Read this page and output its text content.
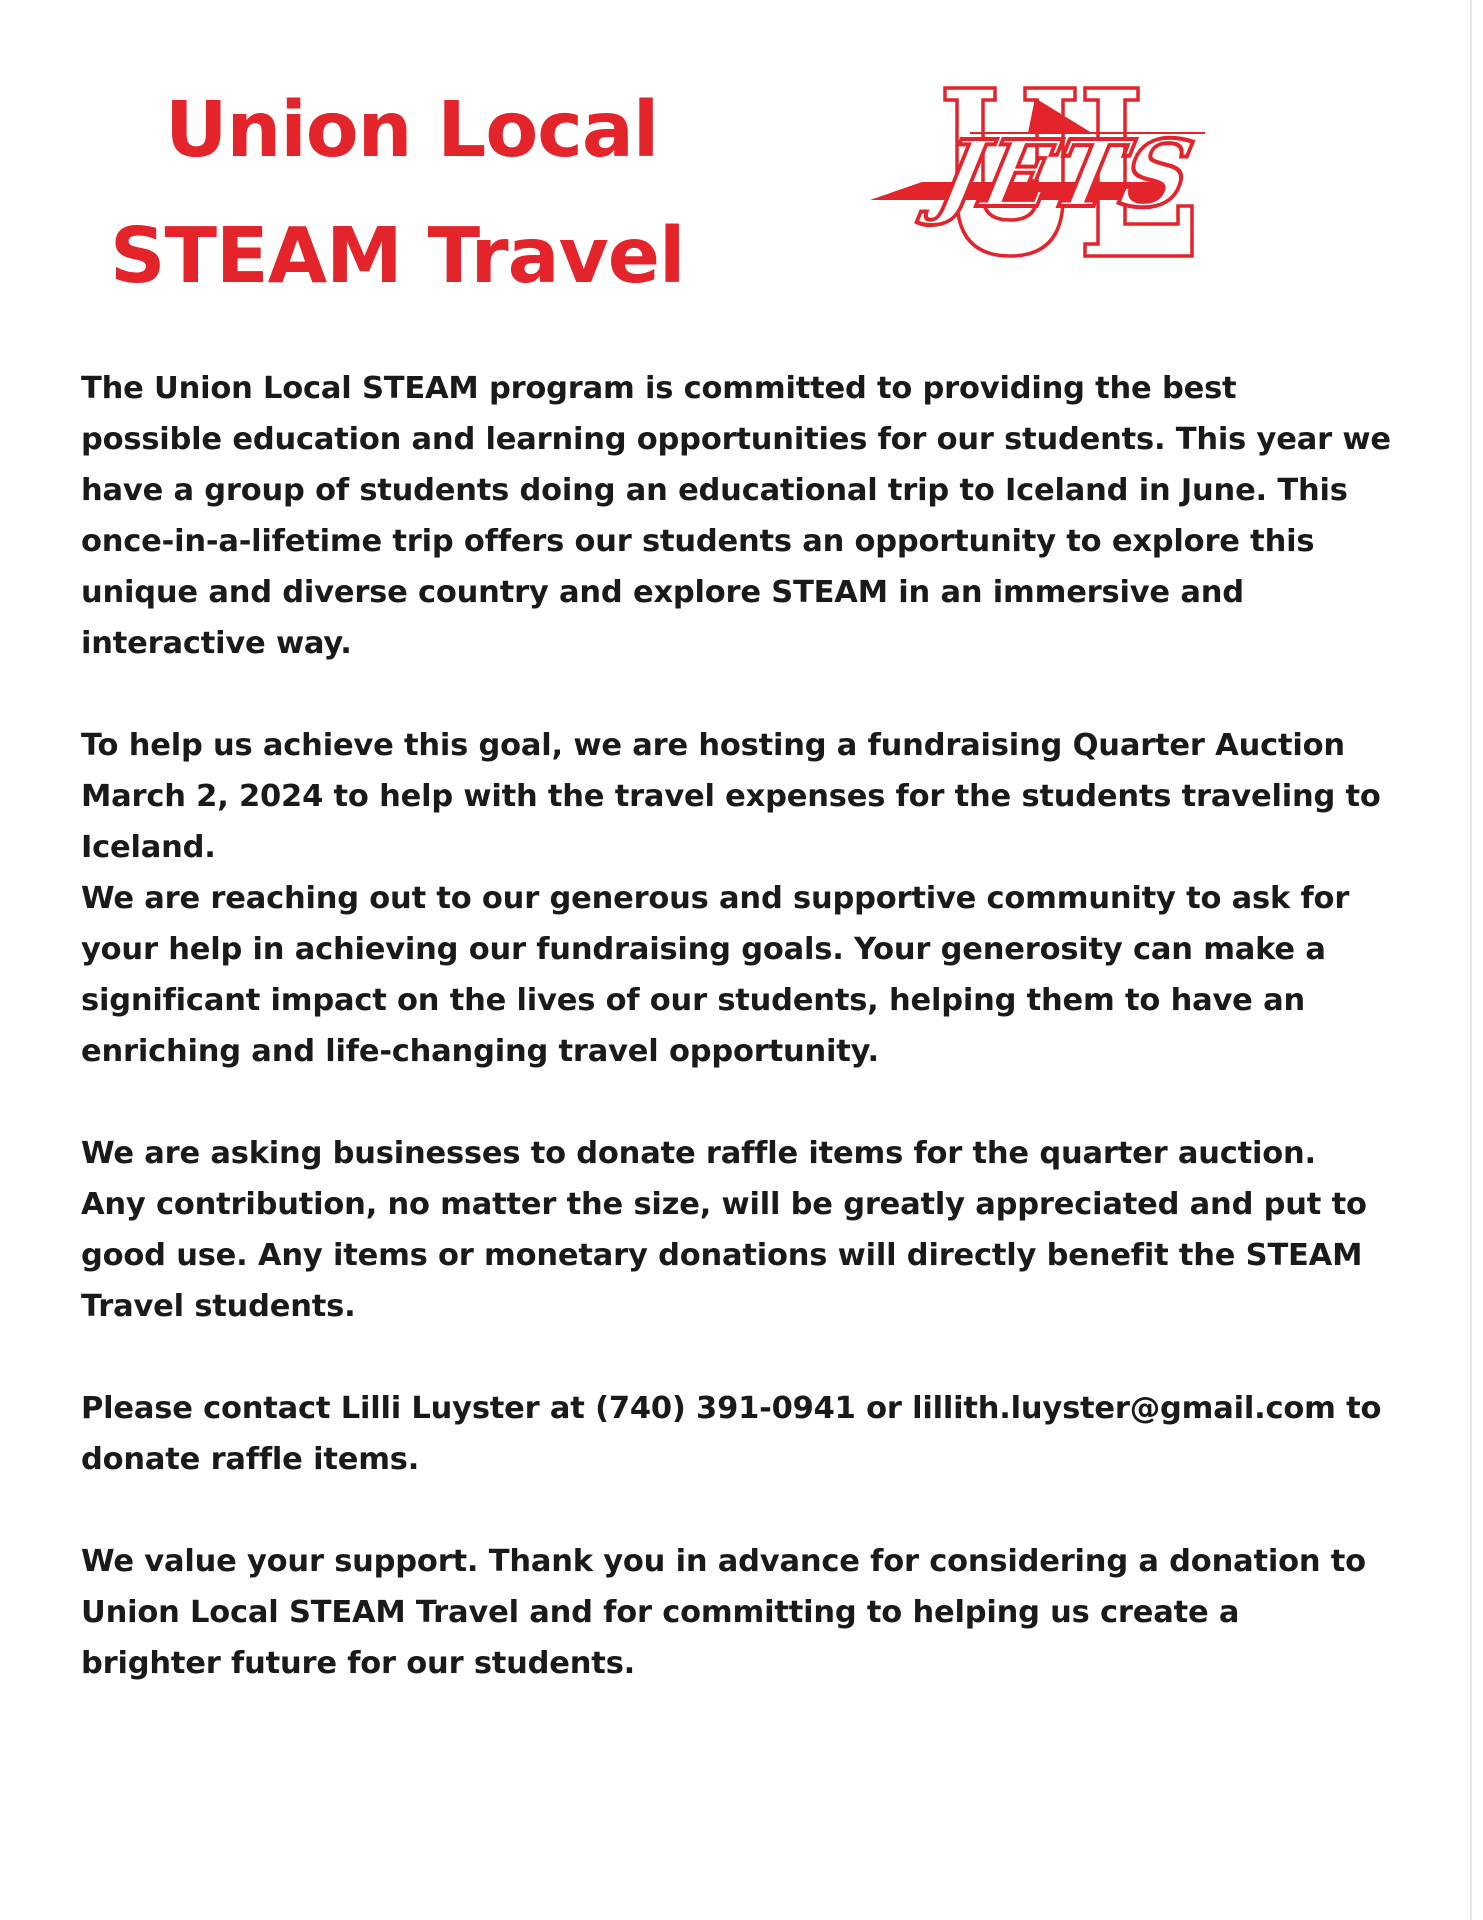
Union Local
STEAM Travel
JETS

The Union Local STEAM program is committed to providing the best
possible education and learning opportunities for our students. This year we
have a group of students doing an educational trip to Iceland in June. This
once-in-a-lifetime trip offers our students an opportunity to explore this
unique and diverse country and explore STEAM in an immersive and
interactive way.

To help us achieve this goal, we are hosting a fundraising Quarter Auction
March 2, 2024 to help with the travel expenses for the students traveling to
Iceland.

We are reaching out to our generous and supportive community to ask for
your help in achieving our fundraising goals. Your generosity can make a
significant impact on the lives of our students, helping them to have an
enriching and life-changing travel opportunity.

We are asking businesses to donate raffle items for the quarter auction.
Any contribution, no matter the size, will be greatly appreciated and put to
good use. Any items or monetary donations will directly benefit the STEAM
Travel students.

Please contact Lilli Luyster at (740) 391-0941 or lillith.luyster@gmail.com to
donate raffle items.

We value your support. Thank you in advance for considering a donation to
Union Local STEAM Travel and for committing to helping us create a
brighter future for our students.
